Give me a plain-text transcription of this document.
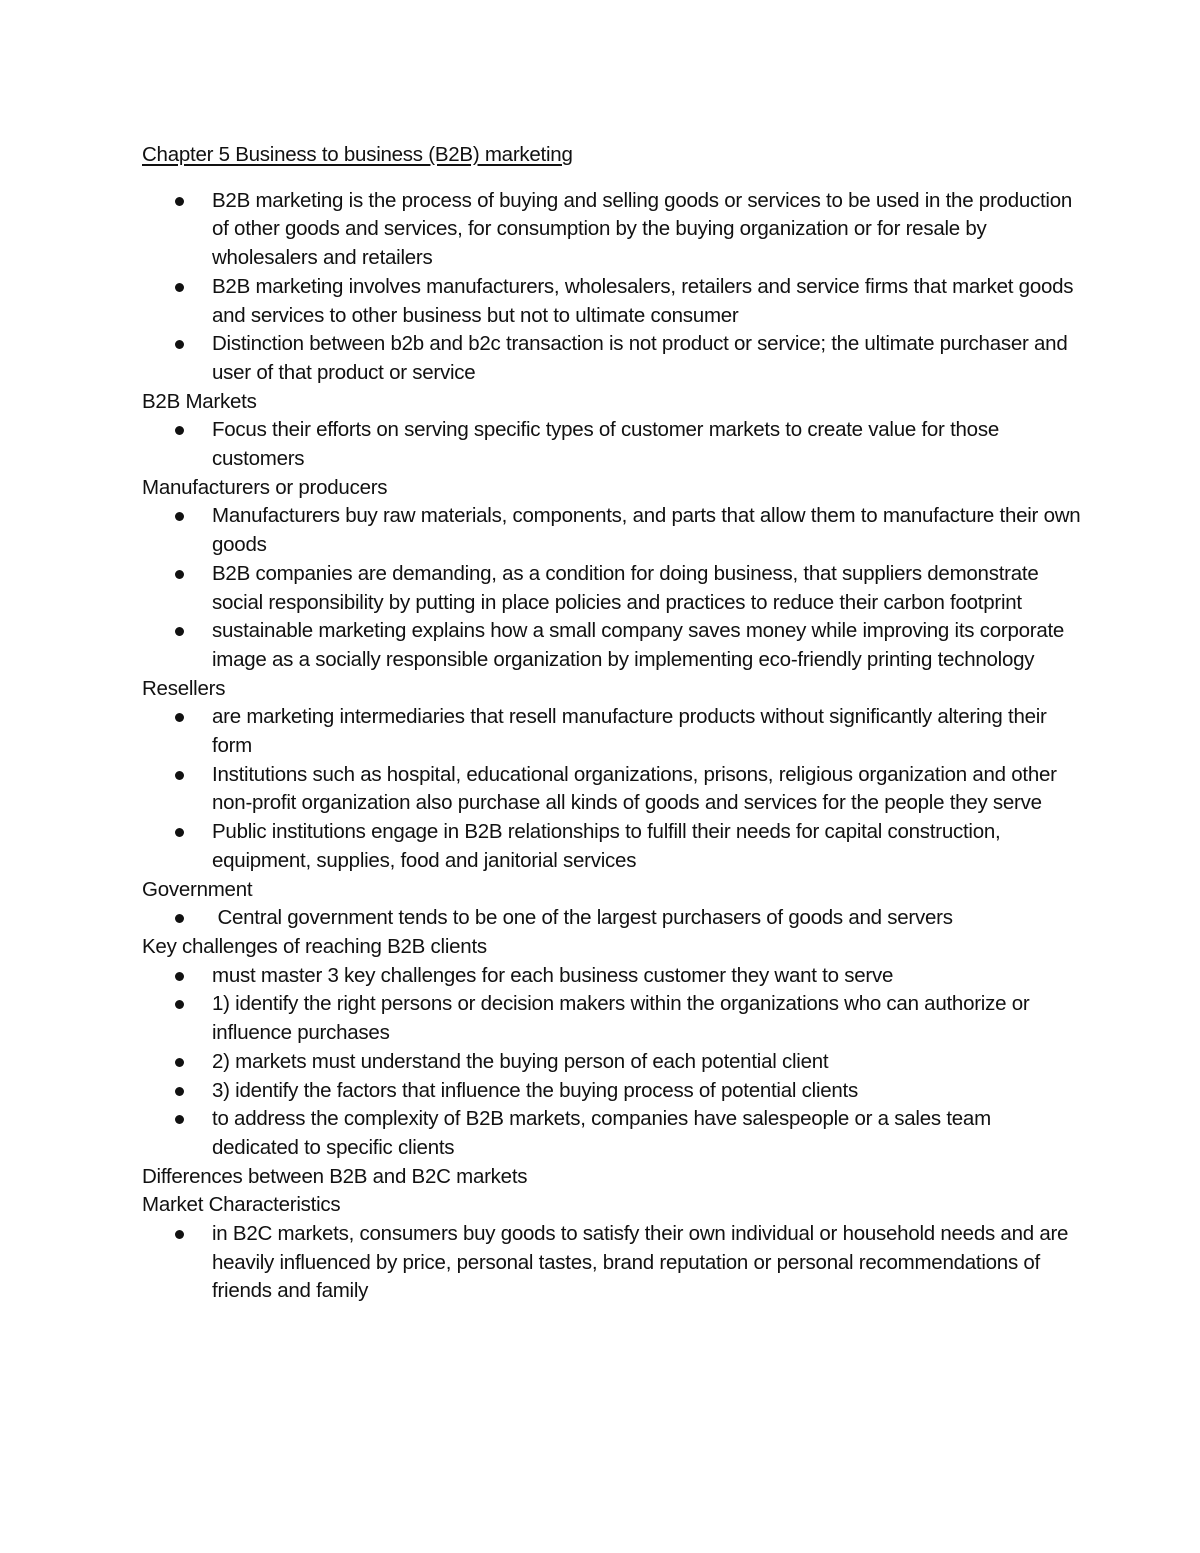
Chapter 5 Business to business (B2B) marketing
B2B marketing is the process of buying and selling goods or services to be used in the production of other goods and services, for consumption by the buying organization or for resale by wholesalers and retailers
B2B marketing involves manufacturers, wholesalers, retailers and service firms that market goods and services to other business but not to ultimate consumer
Distinction between b2b and b2c transaction is not product or service; the ultimate purchaser and user of that product or service
B2B Markets
Focus their efforts on serving specific types of customer markets to create value for those customers
Manufacturers or producers
Manufacturers buy raw materials, components, and parts that allow them to manufacture their own goods
B2B companies are demanding, as a condition for doing business, that suppliers demonstrate social responsibility by putting in place policies and practices to reduce their carbon footprint
sustainable marketing explains how a small company saves money while improving its corporate image as a socially responsible organization by implementing eco-friendly printing technology
Resellers
are marketing intermediaries that resell manufacture products without significantly altering their form
Institutions such as hospital, educational organizations, prisons, religious organization and other non-profit organization also purchase all kinds of goods and services for the people they serve
Public institutions engage in B2B relationships to fulfill their needs for capital construction, equipment, supplies, food and janitorial services
Government
Central government tends to be one of the largest purchasers of goods and servers
Key challenges of reaching B2B clients
must master 3 key challenges for each business customer they want to serve
1) identify the right persons or decision makers within the organizations who can authorize or influence purchases
2) markets must understand the buying person of each potential client
3) identify the factors that influence the buying process of potential clients
to address the complexity of B2B markets, companies have salespeople or a sales team dedicated to specific clients
Differences between B2B and B2C markets
Market Characteristics
in B2C markets, consumers buy goods to satisfy their own individual or household needs and are heavily influenced by price, personal tastes, brand reputation or personal recommendations of friends and family
